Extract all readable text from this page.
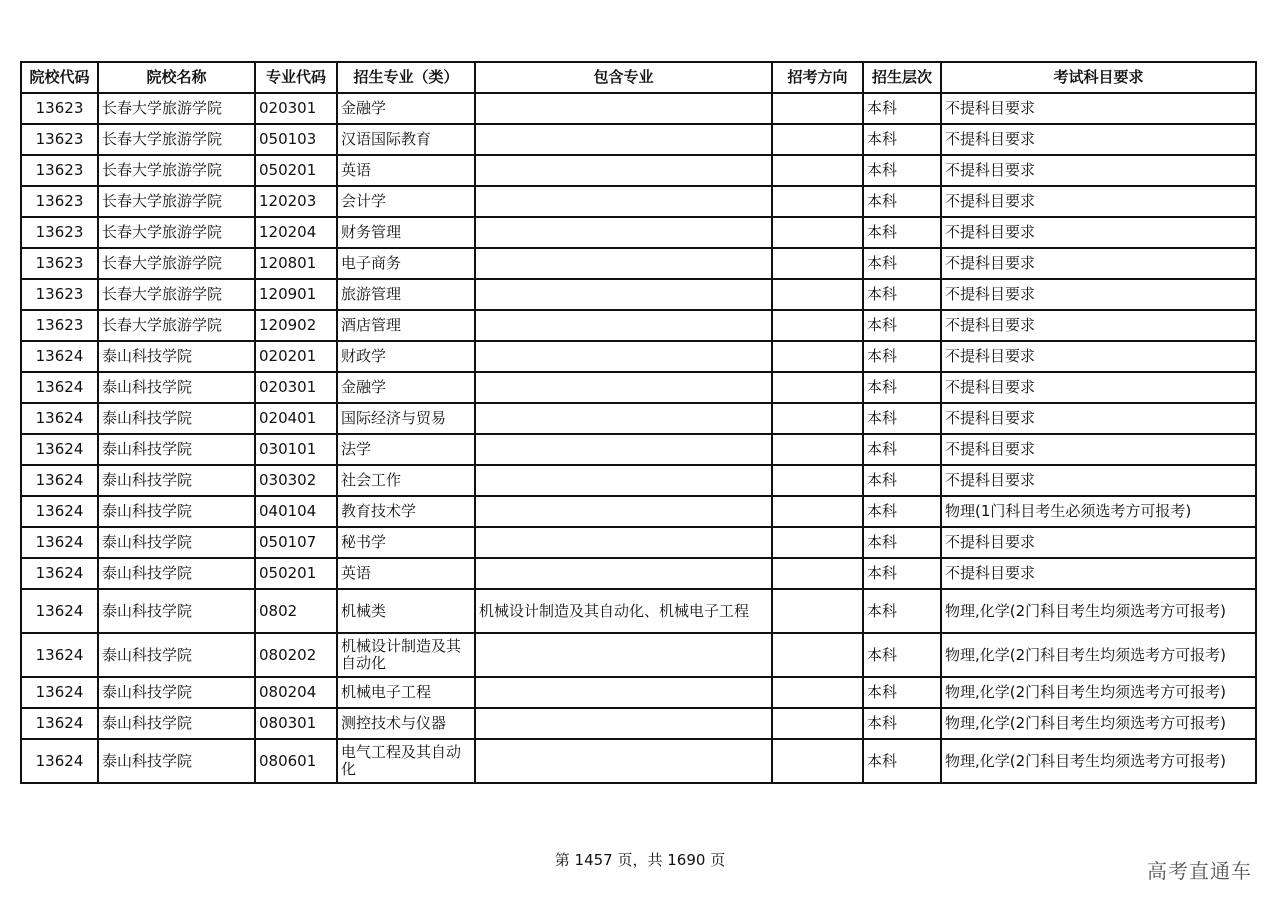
院校代码	院校名称	专业代码	招生专业（类）	包含专业	招考方向	招生层次	考试科目要求
13623	长春大学旅游学院	020301	金融学			本科	不提科目要求
13623	长春大学旅游学院	050103	汉语国际教育			本科	不提科目要求
13623	长春大学旅游学院	050201	英语			本科	不提科目要求
13623	长春大学旅游学院	120203	会计学			本科	不提科目要求
13623	长春大学旅游学院	120204	财务管理			本科	不提科目要求
13623	长春大学旅游学院	120801	电子商务			本科	不提科目要求
13623	长春大学旅游学院	120901	旅游管理			本科	不提科目要求
13623	长春大学旅游学院	120902	酒店管理			本科	不提科目要求
13624	泰山科技学院	020201	财政学			本科	不提科目要求
13624	泰山科技学院	020301	金融学			本科	不提科目要求
13624	泰山科技学院	020401	国际经济与贸易			本科	不提科目要求
13624	泰山科技学院	030101	法学			本科	不提科目要求
13624	泰山科技学院	030302	社会工作			本科	不提科目要求
13624	泰山科技学院	040104	教育技术学			本科	物理(1门科目考生必须选考方可报考)
13624	泰山科技学院	050107	秘书学			本科	不提科目要求
13624	泰山科技学院	050201	英语			本科	不提科目要求
13624	泰山科技学院	0802	机械类	机械设计制造及其自动化、机械电子工程		本科	物理,化学(2门科目考生均须选考方可报考)
13624	泰山科技学院	080202	机械设计制造及其自动化			本科	物理,化学(2门科目考生均须选考方可报考)
13624	泰山科技学院	080204	机械电子工程			本科	物理,化学(2门科目考生均须选考方可报考)
13624	泰山科技学院	080301	测控技术与仪器			本科	物理,化学(2门科目考生均须选考方可报考)
13624	泰山科技学院	080601	电气工程及其自动化			本科	物理,化学(2门科目考生均须选考方可报考)
第 1457 页，共 1690 页	高考直通车
